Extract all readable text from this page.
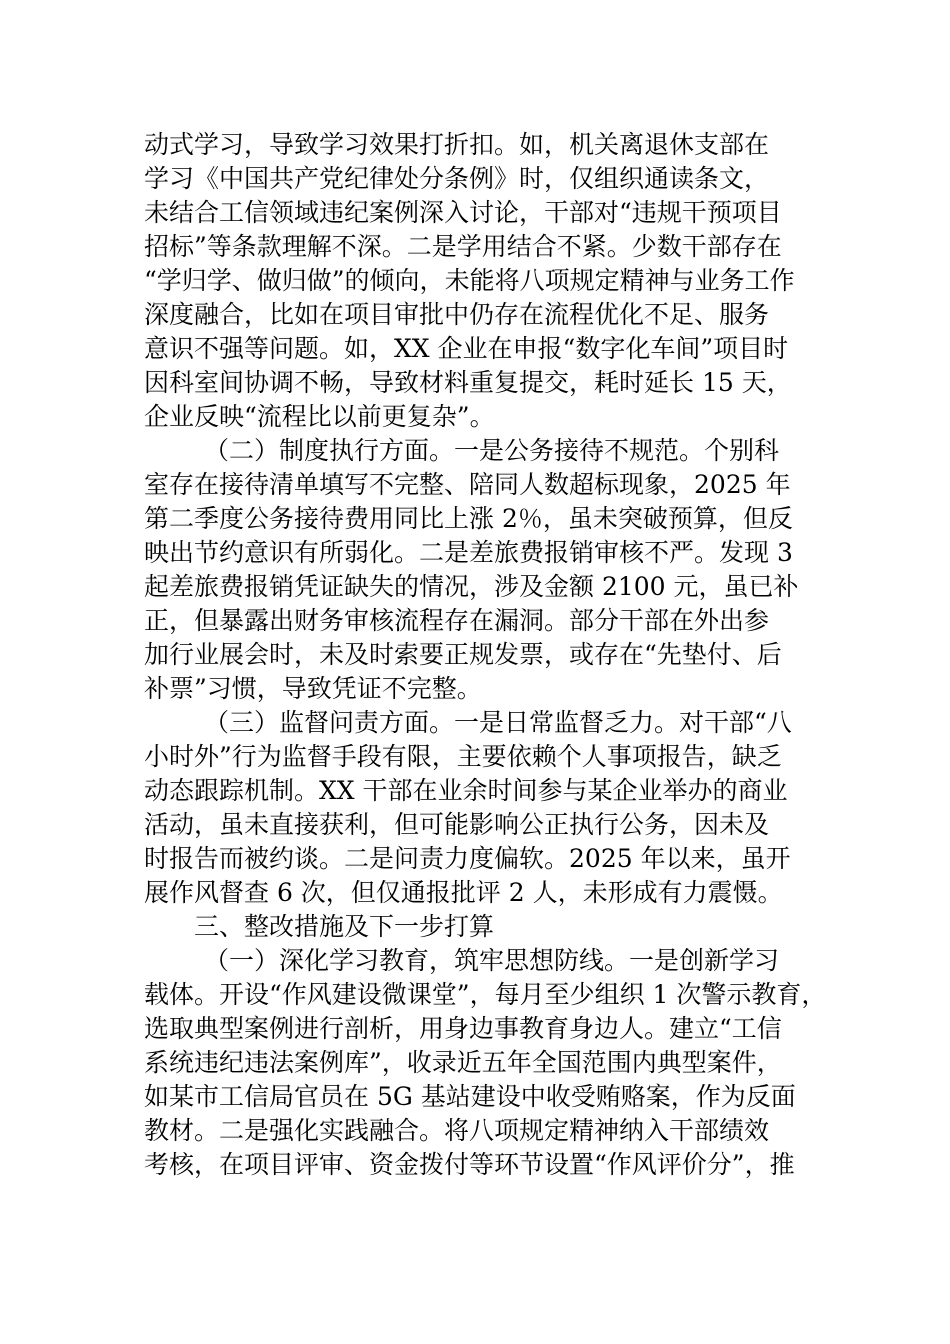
动式学习，导致学习效果打折扣。如，机关离退休支部在
学习《中国共产党纪律处分条例》时，仅组织通读条文，
未结合工信领域违纪案例深入讨论，干部对“违规干预项目
招标”等条款理解不深。二是学用结合不紧。少数干部存在
“学归学、做归做”的倾向，未能将八项规定精神与业务工作
深度融合，比如在项目审批中仍存在流程优化不足、服务
意识不强等问题。如，XX 企业在申报“数字化车间”项目时
因科室间协调不畅，导致材料重复提交，耗时延长 15 天，
企业反映“流程比以前更复杂”。
（二）制度执行方面。一是公务接待不规范。个别科
室存在接待清单填写不完整、陪同人数超标现象，2025 年
第二季度公务接待费用同比上涨 2％，虽未突破预算，但反
映出节约意识有所弱化。二是差旅费报销审核不严。发现 3
起差旅费报销凭证缺失的情况，涉及金额 2100 元，虽已补
正，但暴露出财务审核流程存在漏洞。部分干部在外出参
加行业展会时，未及时索要正规发票，或存在“先垫付、后
补票”习惯，导致凭证不完整。
（三）监督问责方面。一是日常监督乏力。对干部“八
小时外”行为监督手段有限，主要依赖个人事项报告，缺乏
动态跟踪机制。XX 干部在业余时间参与某企业举办的商业
活动，虽未直接获利，但可能影响公正执行公务，因未及
时报告而被约谈。二是问责力度偏软。2025 年以来，虽开
展作风督查 6 次，但仅通报批评 2 人，未形成有力震慑。
三、整改措施及下一步打算
（一）深化学习教育，筑牢思想防线。一是创新学习
载体。开设“作风建设微课堂”，每月至少组织 1 次警示教育，
选取典型案例进行剖析，用身边事教育身边人。建立“工信
系统违纪违法案例库”，收录近五年全国范围内典型案件，
如某市工信局官员在 5G 基站建设中收受贿赂案，作为反面
教材。二是强化实践融合。将八项规定精神纳入干部绩效
考核，在项目评审、资金拨付等环节设置“作风评价分”，推
